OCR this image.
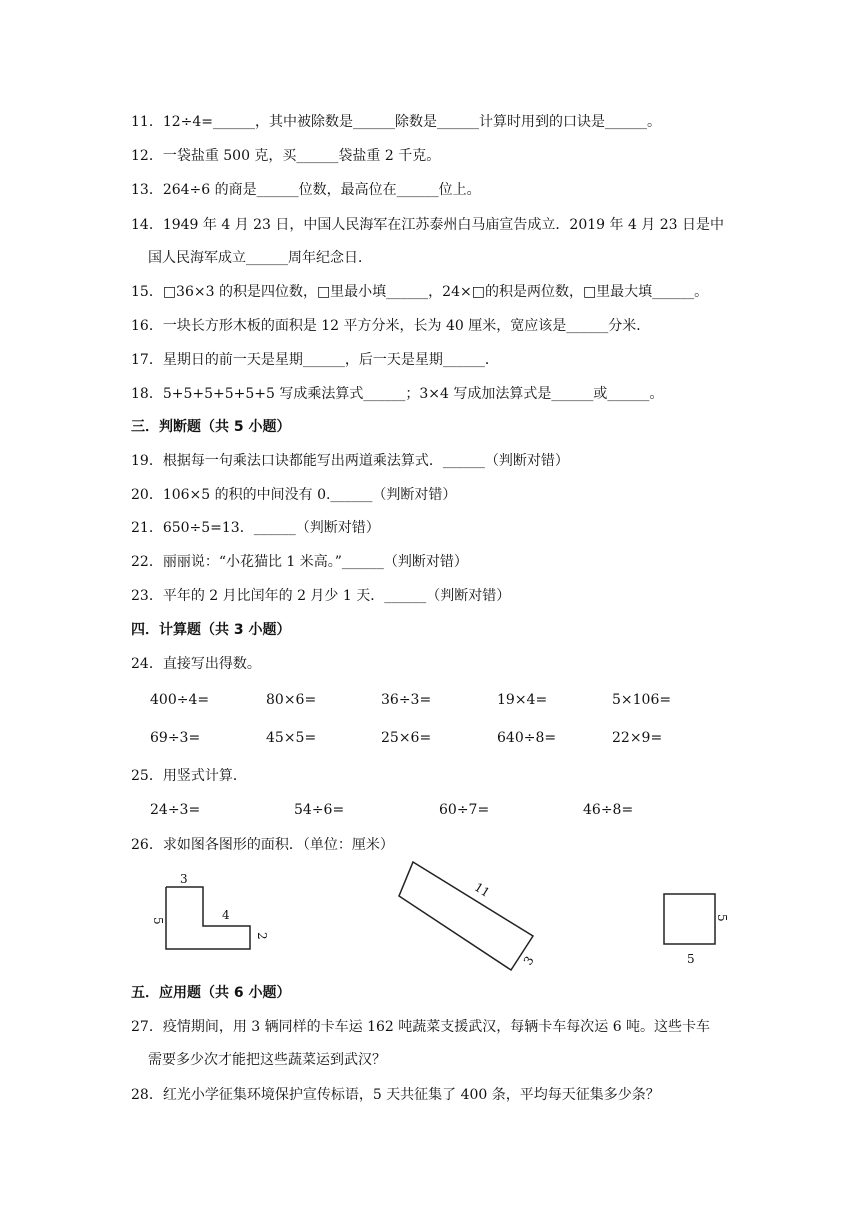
11．12÷4=______，其中被除数是______除数是______计算时用到的口诀是______。
12．一袋盐重 500 克，买______袋盐重 2 千克。
13．264÷6 的商是______位数，最高位在______位上。
14．1949 年 4 月 23 日，中国人民海军在江苏泰州白马庙宣告成立．2019 年 4 月 23 日是中
国人民海军成立______周年纪念日．
15．□36×3 的积是四位数，□里最小填______，24×□的积是两位数，□里最大填______。
16．一块长方形木板的面积是 12 平方分米，长为 40 厘米，宽应该是______分米．
17．星期日的前一天是星期______，后一天是星期______．
18．5+5+5+5+5+5 写成乘法算式______；3×4 写成加法算式是______或______。
三．判断题（共 5 小题）
19．根据每一句乘法口诀都能写出两道乘法算式．______（判断对错）
20．106×5 的积的中间没有 0.______（判断对错）
21．650÷5=13．______（判断对错）
22．丽丽说：“小花猫比 1 米高。”______（判断对错）
23．平年的 2 月比闰年的 2 月少 1 天．______（判断对错）
四．计算题（共 3 小题）
24．直接写出得数。
400÷4=	80×6=	36÷3=	19×4=	5×106=
69÷3=	45×5=	25×6=	640÷8=	22×9=
25．用竖式计算．
24÷3=	54÷6=	60÷7=	46÷8=
26．求如图各图形的面积．（单位：厘米）
3
5	4
2
11
3
5
5
五．应用题（共 6 小题）
27．疫情期间，用 3 辆同样的卡车运 162 吨蔬菜支援武汉，每辆卡车每次运 6 吨。这些卡车
需要多少次才能把这些蔬菜运到武汉？
28．红光小学征集环境保护宣传标语，5 天共征集了 400 条，平均每天征集多少条？
